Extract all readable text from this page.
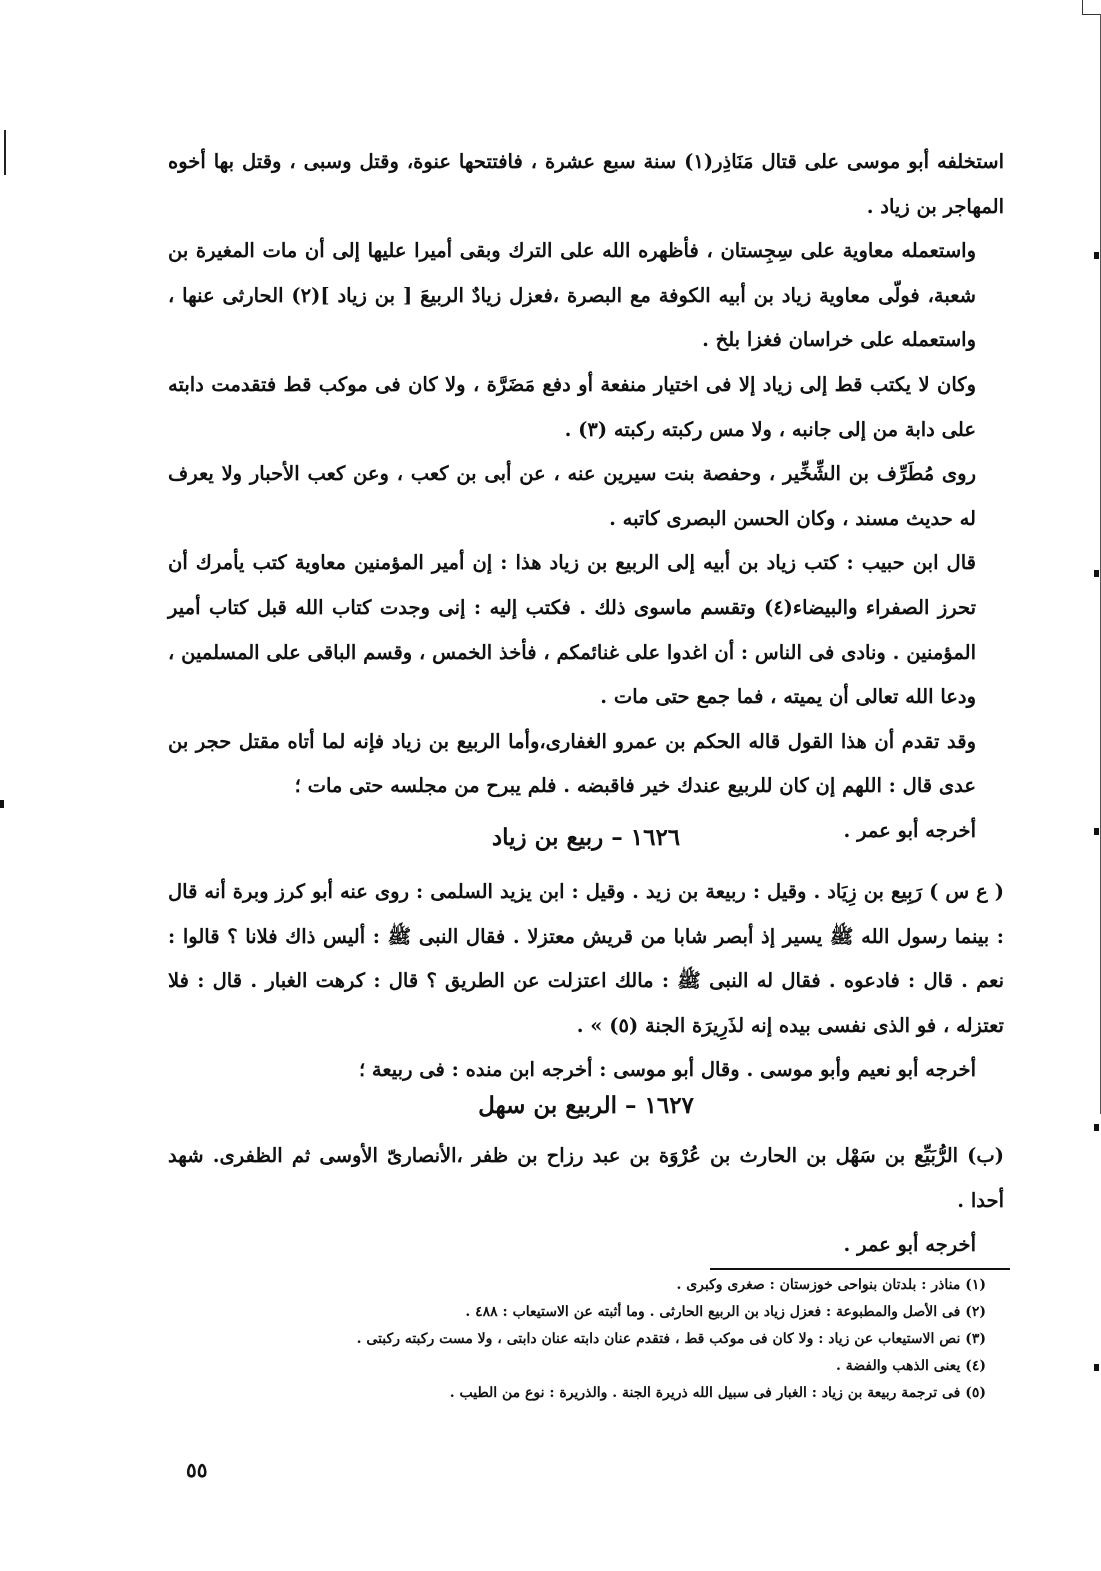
استخلفه أبو موسى على قتال مَنَاذِر(١) سنة سبع عشرة ، فافتتحها عنوة، وقتل وسبى ، وقتل بها أخوه المهاجر بن زياد .

واستعمله معاوية على سِجِستان ، فأظهره الله على الترك وبقى أميرا عليها إلى أن مات المغيرة بن شعبة، فولّى معاوية زياد بن أبيه الكوفة مع البصرة ،فعزل زيادٌ الربيعَ [ بن زياد ](٢) الحارثى عنها ، واستعمله على خراسان فغزا بلخ .

وكان لا يكتب قط إلى زياد إلا فى اختيار منفعة أو دفع مَضَرَّة ، ولا كان فى موكب قط فتقدمت دابته على دابة من إلى جانبه ، ولا مس ركبته ركبته (٣) .

روى مُطَرِّف بن الشِّخِّير ، وحفصة بنت سيرين عنه ، عن أبى بن كعب ، وعن كعب الأحبار ولا يعرف له حديث مسند ، وكان الحسن البصرى كاتبه .

قال ابن حبيب : كتب زياد بن أبيه إلى الربيع بن زياد هذا : إن أمير المؤمنين معاوية كتب يأمرك أن تحرز الصفراء والبيضاء(٤) وتقسم ماسوى ذلك . فكتب إليه : إنى وجدت كتاب الله قبل كتاب أمير المؤمنين . ونادى فى الناس : أن اغدوا على غنائمكم ، فأخذ الخمس ، وقسم الباقى على المسلمين ، ودعا الله تعالى أن يميته ، فما جمع حتى مات .

وقد تقدم أن هذا القول قاله الحكم بن عمرو الغفارى،وأما الربيع بن زياد فإنه لما أتاه مقتل حجر بن عدى قال : اللهم إن كان للربيع عندك خير فاقبضه . فلم يبرح من مجلسه حتى مات ؛

أخرجه أبو عمر .

١٦٢٦ – ربيع بن زياد

( ع س ) رَبِيع بن زِيَاد . وقيل : ربيعة بن زيد . وقيل : ابن يزيد السلمى : روى عنه أبو كرز وبرة أنه قال : بينما رسول الله ﷺ يسير إذ أبصر شابا من قريش معتزلا . فقال النبى ﷺ : أليس ذاك فلانا ؟ قالوا : نعم . قال : فادعوه . فقال له النبى ﷺ : مالك اعتزلت عن الطريق ؟ قال : كرهت الغبار . قال : فلا تعتزله ، فو الذى نفسى بيده إنه لذَرِيرَة الجنة (٥) » .

أخرجه أبو نعيم وأبو موسى . وقال أبو موسى : أخرجه ابن منده : فى ربيعة ؛

١٦٢٧ – الربيع بن سهل

(ب) الرُّبَيِّع بن سَهْل بن الحارث بن عُرْوَة بن عبد رزاح بن ظفر ،الأنصارىّ الأوسى ثم الظفرى. شهد أحدا .

أخرجه أبو عمر .

(١) مناذر : بلدتان بنواحى خوزستان : صغرى وكبرى .

(٢) فى الأصل والمطبوعة : فعزل زياد بن الربيع الحارثى . وما أثبته عن الاستيعاب : ٤٨٨ .

(٣) نص الاستيعاب عن زياد : ولا كان فى موكب قط ، فتقدم عنان دابته عنان دابتى ، ولا مست ركبته ركبتى .

(٤) يعنى الذهب والفضة .

(٥) فى ترجمة ربيعة بن زياد : الغبار فى سبيل الله ذريرة الجنة . والذريرة : نوع من الطيب .

٥٥
